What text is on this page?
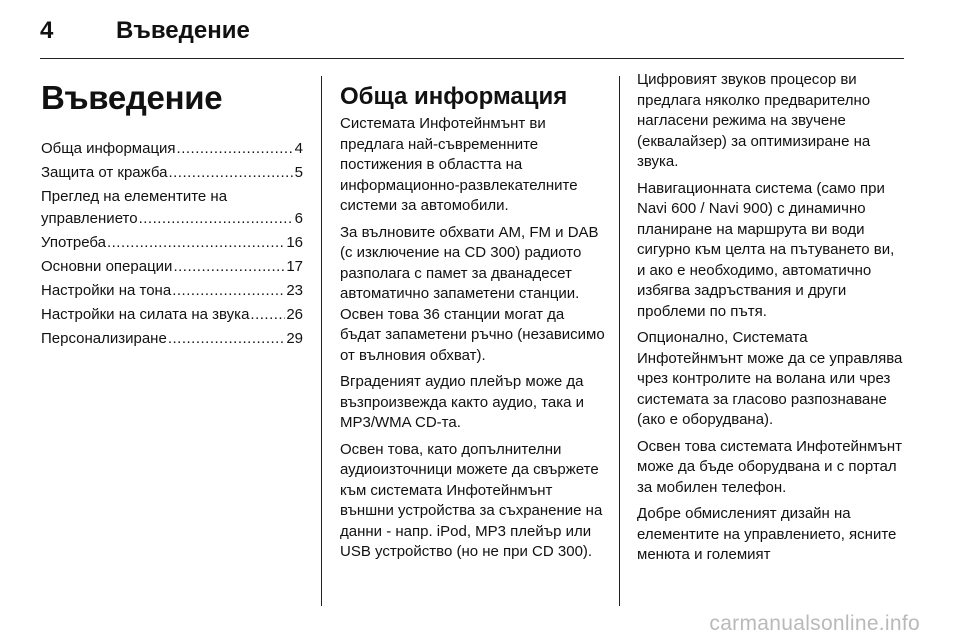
4	Въведение
Въведение
Обща информация .....	4
Защита от кражба .....	5
Преглед на елементите на
управлението .....	6
Употреба .....	16
Основни операции .....	17
Настройки на тона .....	23
Настройки на силата на звука ..... 26
Персонализиране .....	29
Обща информация

Системата Инфотейнмънт ви предлага най-съвременните постижения в областта на информационно-развлекателните системи за автомобили.

За вълновите обхвати AM, FM и DAB (с изключение на CD 300) радиото разполага с памет за дванадесет автоматично запаметени станции. Освен това 36 станции могат да бъдат запаметени ръчно (независимо от вълновия обхват).

Вграденият аудио плейър може да възпроизвежда както аудио, така и MP3/WMA CD-та.

Освен това, като допълнителни аудиоизточници можете да свържете към системата Инфотейнмънт външни устройства за съхранение на данни - напр. iPod, MP3 плейър или USB устройство (но не при CD 300).

Цифровият звуков процесор ви предлага няколко предварително нагласени режима на звучене (еквалайзер) за оптимизиране на звука.

Навигационната система (само при Navi 600 / Navi 900) с динамично планиране на маршрута ви води сигурно към целта на пътуването ви, и ако е необходимо, автоматично избягва задръствания и други проблеми по пътя.

Опционално, Системата Инфотейнмънт може да се управлява чрез контролите на волана или чрез системата за гласово разпознаване (ако е оборудвана).

Освен това системата Инфотейнмънт може да бъде оборудвана и с портал за мобилен телефон.

Добре обмисленият дизайн на елементите на управлението, ясните менюта и големият

carmanualsonline.info
